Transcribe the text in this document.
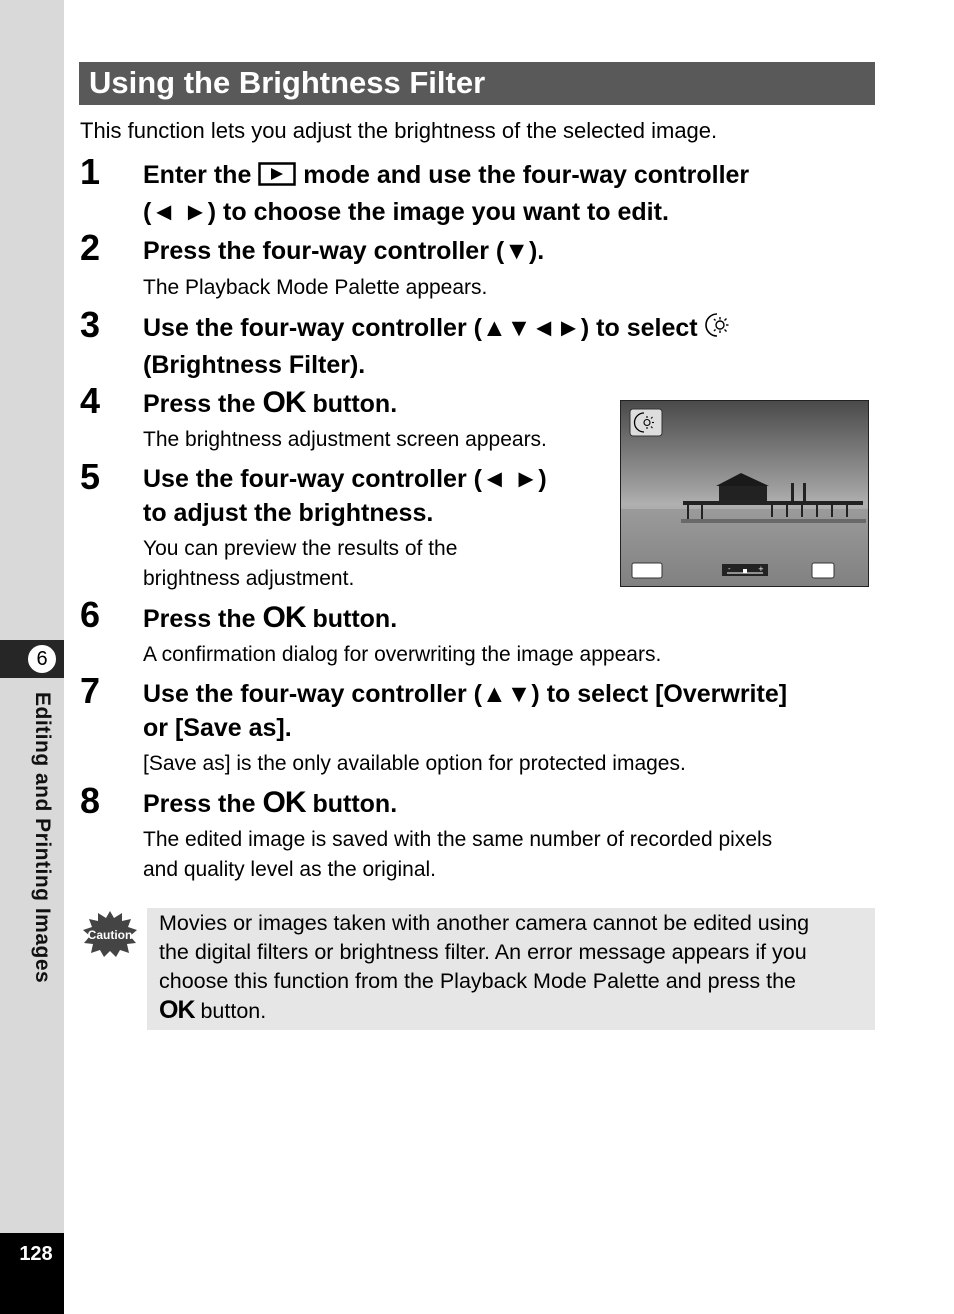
6
Editing and Printing Images
128
Using the Brightness Filter
This function lets you adjust the brightness of the selected image.
1 Enter the  mode and use the four-way controller
(◄ ►) to choose the image you want to edit.
2 Press the four-way controller (▼).
The Playback Mode Palette appears.
3 Use the four-way controller (▲▼◄►) to select
(Brightness Filter).
4 Press the OK button.
The brightness adjustment screen appears.
5 Use the four-way controller (◄ ►)
to adjust the brightness.
You can preview the results of the
brightness adjustment.	-	+
6 Press the OK button.
A confirmation dialog for overwriting the image appears.
7 Use the four-way controller (▲▼) to select [Overwrite]
or [Save as].
[Save as] is the only available option for protected images.
8 Press the OK button.
The edited image is saved with the same number of recorded pixels
and quality level as the original.
Caution Movies or images taken with another camera cannot be edited using
the digital filters or brightness filter. An error message appears if you
choose this function from the Playback Mode Palette and press the
OK button.
